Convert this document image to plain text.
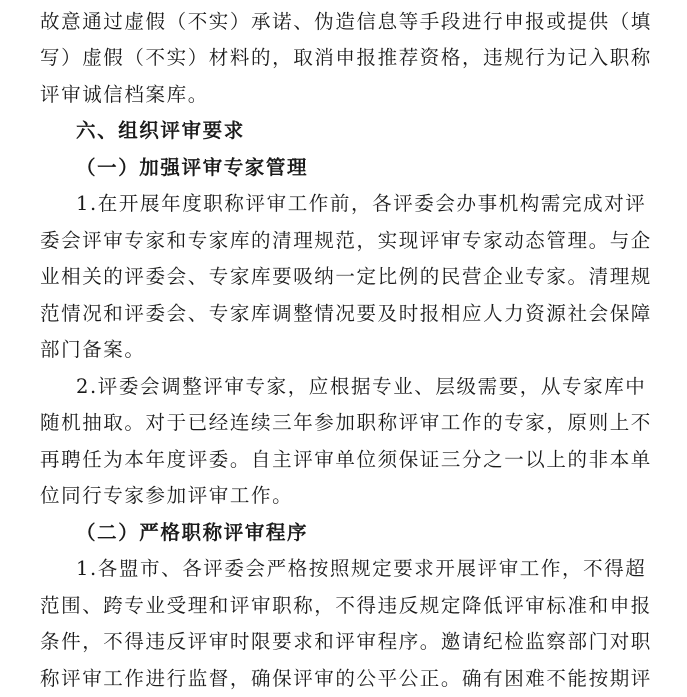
故意通过虚假（不实）承诺、伪造信息等手段进行申报或提供（填
写）虚假（不实）材料的，取消申报推荐资格，违规行为记入职称
评审诚信档案库。
六、组织评审要求
（一）加强评审专家管理
1.在开展年度职称评审工作前，各评委会办事机构需完成对评
委会评审专家和专家库的清理规范，实现评审专家动态管理。与企
业相关的评委会、专家库要吸纳一定比例的民营企业专家。清理规
范情况和评委会、专家库调整情况要及时报相应人力资源社会保障
部门备案。
2.评委会调整评审专家，应根据专业、层级需要，从专家库中
随机抽取。对于已经连续三年参加职称评审工作的专家，原则上不
再聘任为本年度评委。自主评审单位须保证三分之一以上的非本单
位同行专家参加评审工作。
（二）严格职称评审程序
1.各盟市、各评委会严格按照规定要求开展评审工作，不得超
范围、跨专业受理和评审职称，不得违反规定降低评审标准和申报
条件，不得违反评审时限要求和评审程序。邀请纪检监察部门对职
称评审工作进行监督，确保评审的公平公正。确有困难不能按期评
